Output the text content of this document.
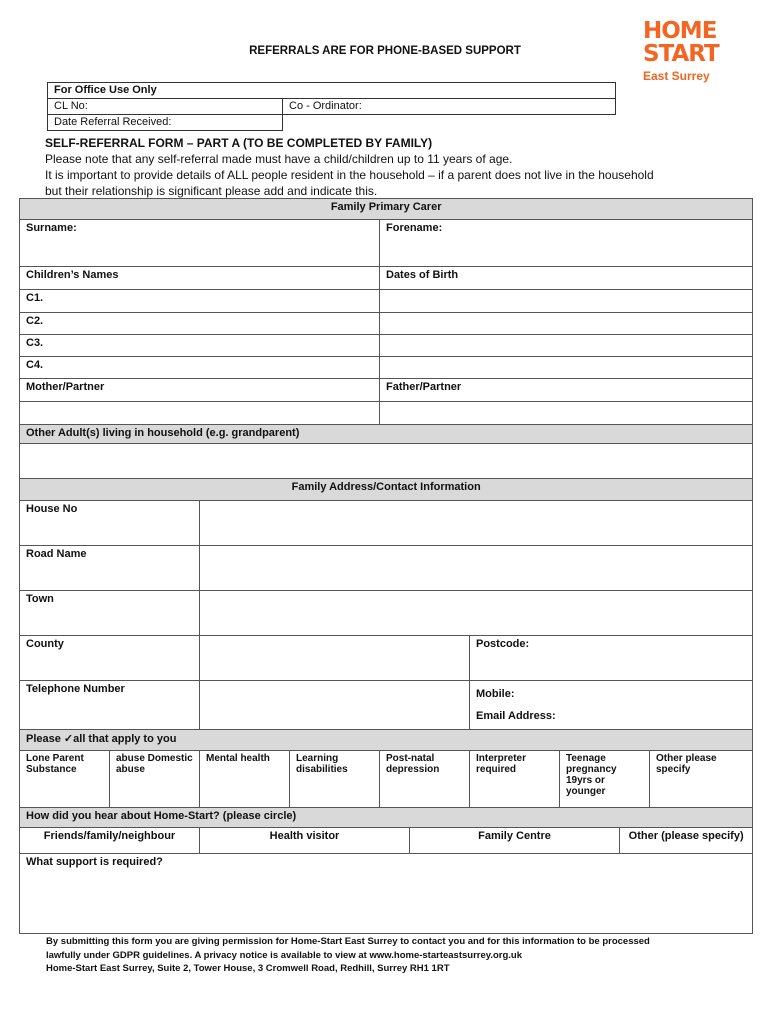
HOME
START
East Surrey
REFERRALS ARE FOR PHONE-BASED SUPPORT
For Office Use Only	
CL No:	Co - Ordinator:
Date Referral Received:	
SELF-REFERRAL FORM – PART A (TO BE COMPLETED BY FAMILY)
Please note that any self-referral made must have a child/children up to 11 years of age.
It is important to provide details of ALL people resident in the household – if a parent does not live in the household
but their relationship is significant please add and indicate this.
Family Primary Carer									
Surname:				Forename:					
Children’s Names				Dates of Birth					
C1.									
C2.									
C3.									
C4.									
Mother/Partner				Father/Partner					

Other Adult(s) living in household (e.g. grandparent)									

Family Address/Contact Information									
House No									
Road Name									
Town									
County						Postcode:			
Telephone Number						Mobile:
Email Address:			

Please ✓all that apply to you									
Lone Parent Substance	abuse Domestic abuse	Mental health	Learning disabilities	Post-natal depression		Interpreter required	Teenage pregnancy 19yrs or younger		Other please specify
How did you hear about Home-Start? (please circle)									
Friends/family/neighbour		Health visitor			Family Centre			Other (please specify)	
What support is required?									
By submitting this form you are giving permission for Home-Start East Surrey to contact you and for this information to be processed
lawfully under GDPR guidelines. A privacy notice is available to view at www.home-starteastsurrey.org.uk
Home-Start East Surrey, Suite 2, Tower House, 3 Cromwell Road, Redhill, Surrey RH1 1RT
